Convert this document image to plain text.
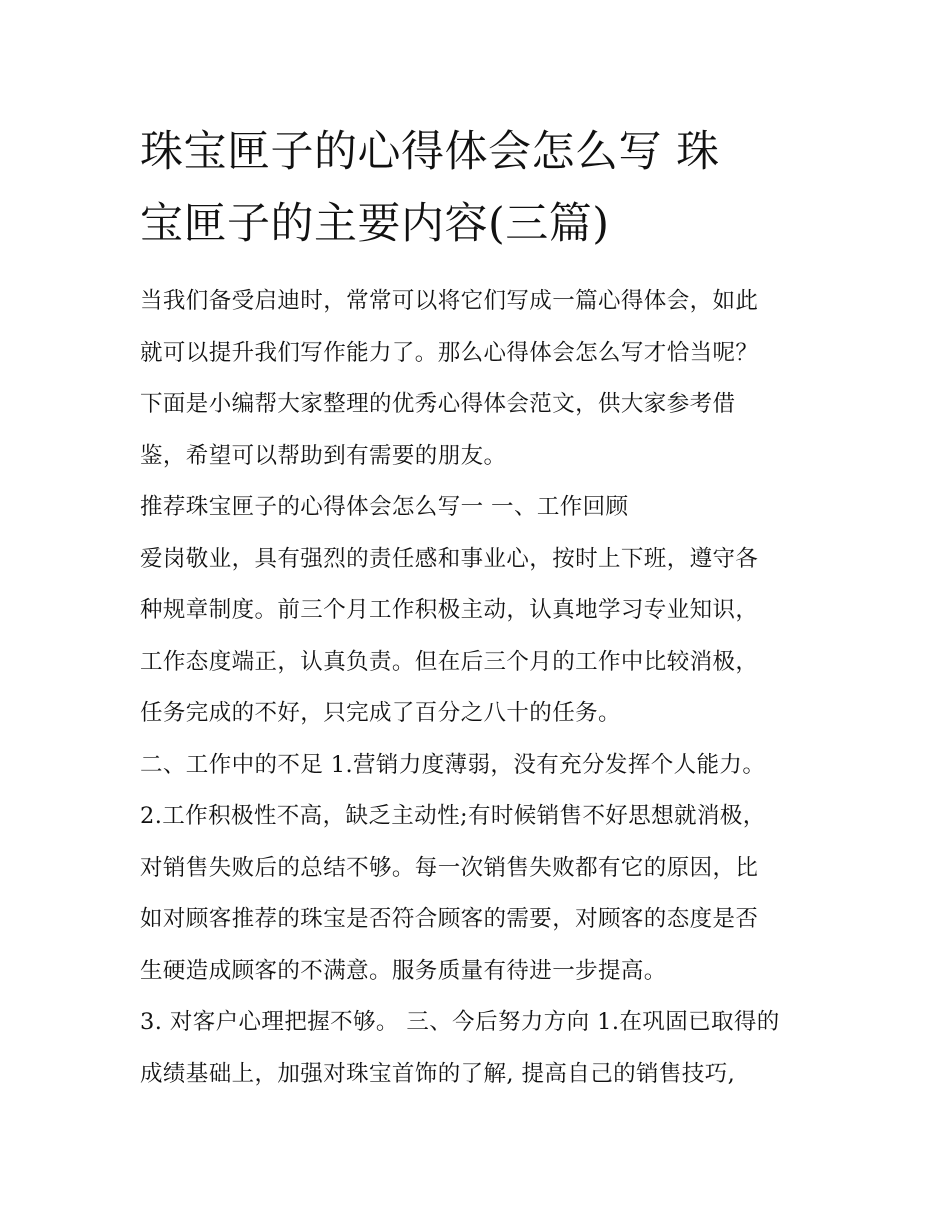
珠宝匣子的心得体会怎么写 珠
宝匣子的主要内容(三篇)
当我们备受启迪时，常常可以将它们写成一篇心得体会，如此
就可以提升我们写作能力了。那么心得体会怎么写才恰当呢？
下面是小编帮大家整理的优秀心得体会范文，供大家参考借
鉴，希望可以帮助到有需要的朋友。
推荐珠宝匣子的心得体会怎么写一 一、工作回顾
爱岗敬业，具有强烈的责任感和事业心，按时上下班，遵守各
种规章制度。前三个月工作积极主动，认真地学习专业知识，
工作态度端正，认真负责。但在后三个月的工作中比较消极，
任务完成的不好，只完成了百分之八十的任务。
二、工作中的不足 1.营销力度薄弱，没有充分发挥个人能力。
2.工作积极性不高，缺乏主动性;有时候销售不好思想就消极，
对销售失败后的总结不够。每一次销售失败都有它的原因，比
如对顾客推荐的珠宝是否符合顾客的需要，对顾客的态度是否
生硬造成顾客的不满意。服务质量有待进一步提高。
3. 对客户心理把握不够。 三、今后努力方向 1.在巩固已取得的
成绩基础上，加强对珠宝首饰的了解, 提高自己的销售技巧,
